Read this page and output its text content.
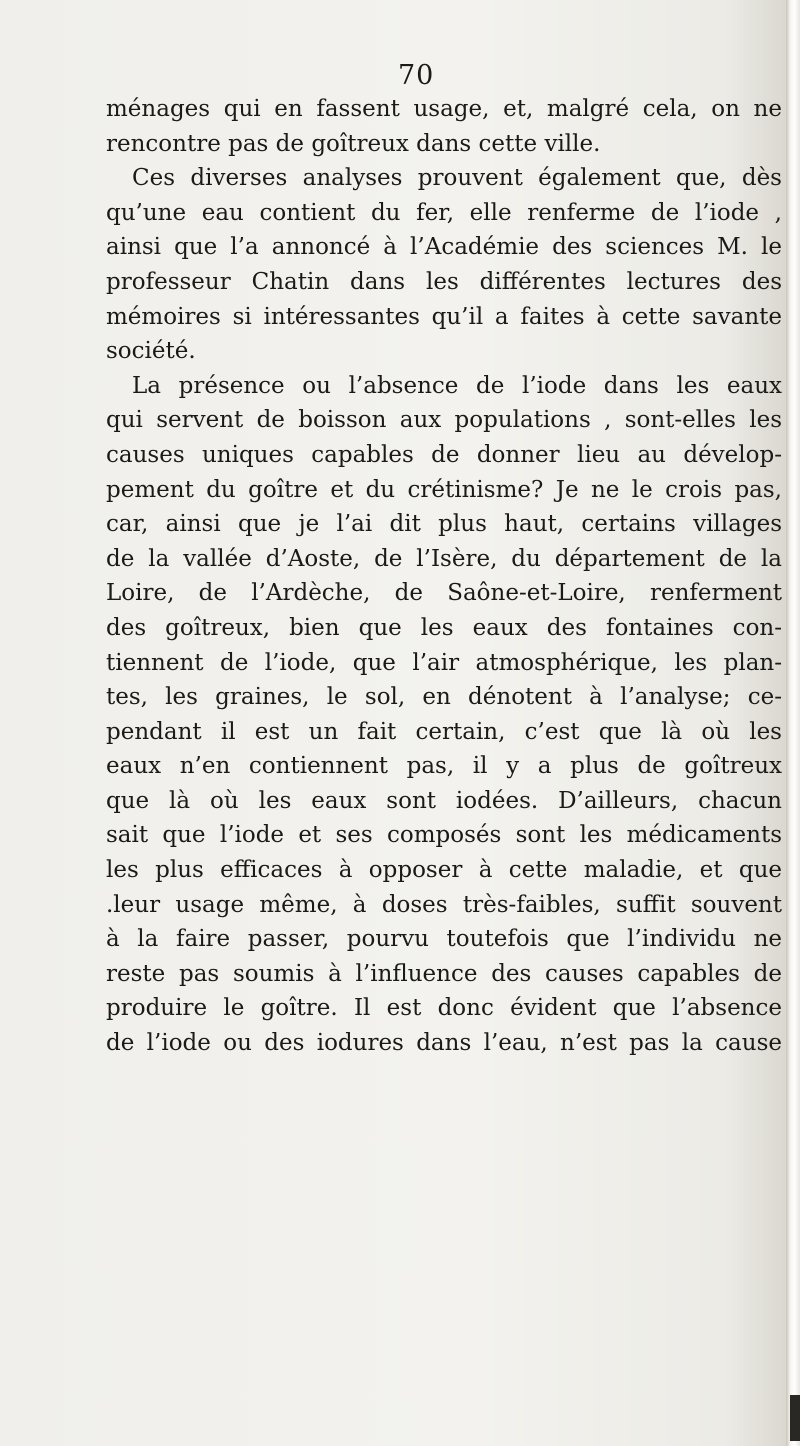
70
ménages qui en fassent usage, et, malgré cela, on ne
rencontre pas de goîtreux dans cette ville.
Ces diverses analyses prouvent également que, dès
qu’une eau contient du fer, elle renferme de l’iode ,
ainsi que l’a annoncé à l’Académie des sciences M. le
professeur Chatin dans les différentes lectures des
mémoires si intéressantes qu’il a faites à cette savante
société.
La présence ou l’absence de l’iode dans les eaux
qui servent de boisson aux populations , sont-elles les
causes uniques capables de donner lieu au dévelop-
pement du goître et du crétinisme? Je ne le crois pas,
car, ainsi que je l’ai dit plus haut, certains villages
de la vallée d’Aoste, de l’Isère, du département de la
Loire, de l’Ardèche, de Saône-et-Loire, renferment
des goîtreux, bien que les eaux des fontaines con-
tiennent de l’iode, que l’air atmosphérique, les plan-
tes, les graines, le sol, en dénotent à l’analyse; ce-
pendant il est un fait certain, c’est que là où les
eaux n’en contiennent pas, il y a plus de goîtreux
que là où les eaux sont iodées. D’ailleurs, chacun
sait que l’iode et ses composés sont les médicaments
les plus efficaces à opposer à cette maladie, et que
.leur usage même, à doses très-faibles, suffit souvent
à la faire passer, pourvu toutefois que l’individu ne
reste pas soumis à l’influence des causes capables de
produire le goître. Il est donc évident que l’absence
de l’iode ou des iodures dans l’eau, n’est pas la cause
